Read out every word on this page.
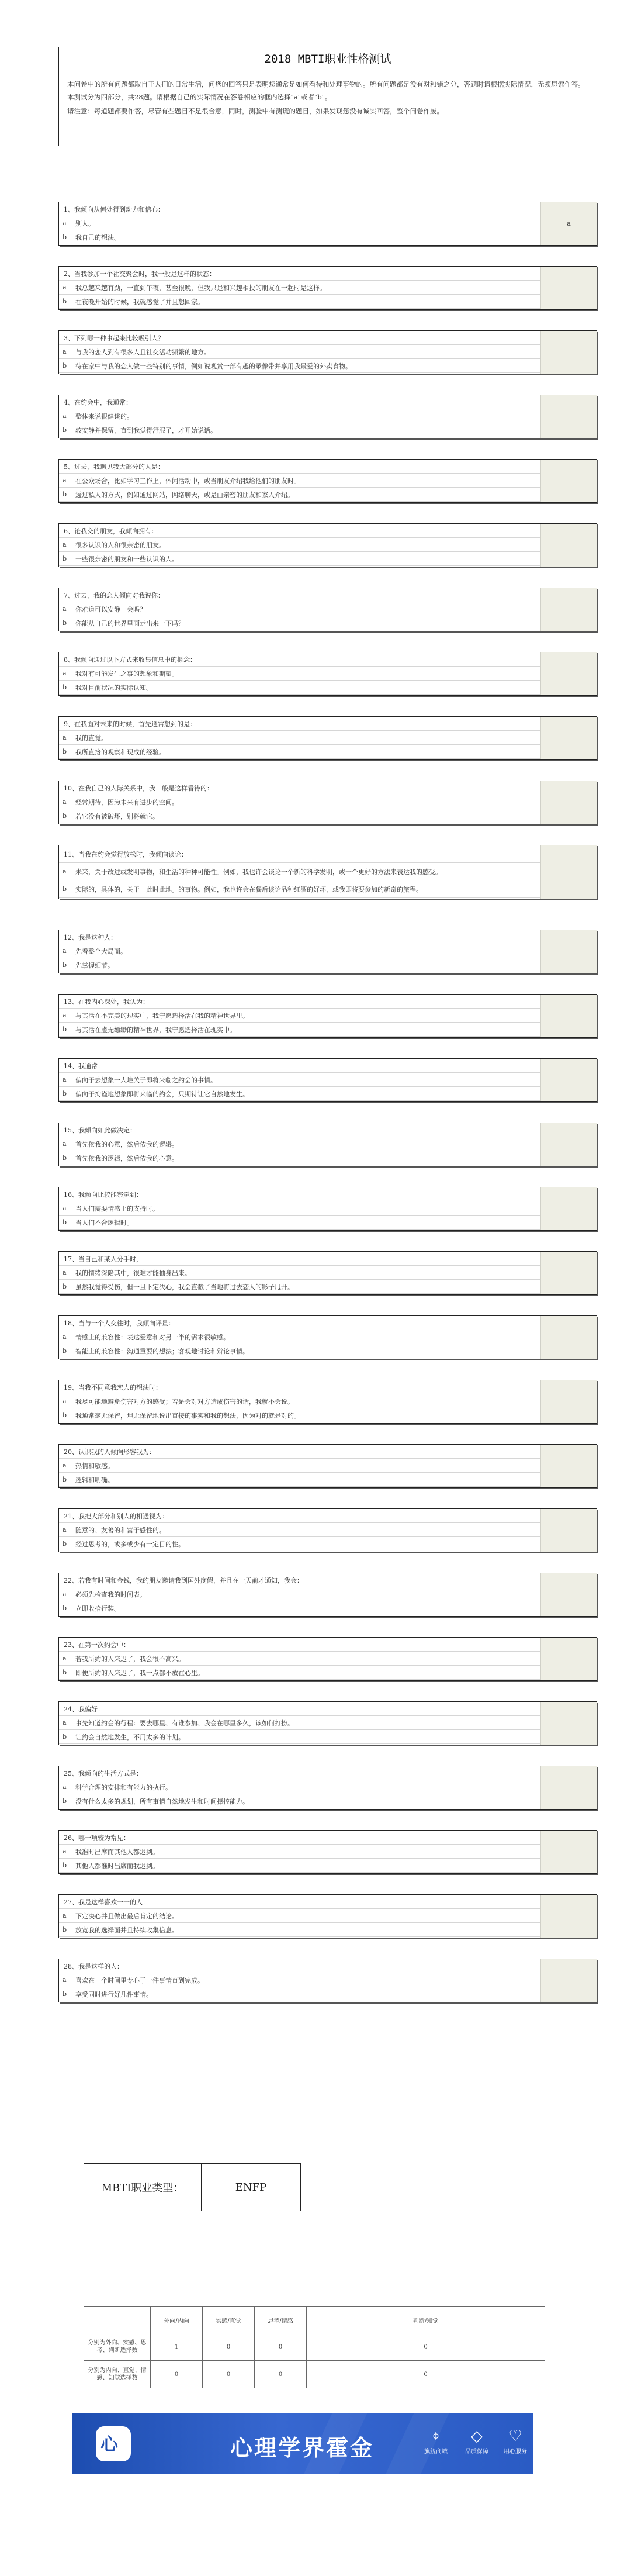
2018 MBTI职业性格测试

本问卷中的所有问题都取自于人们的日常生活，问您的回答只是表明您通常是如何看待和处理事物的。所有问题都是没有对和错之分，答题时请根据实际情况，无须思索作答。

本测试分为四部分，共28题。请根据自己的实际情况在答卷相应的框内选择"a"或者"b"。

请注意：每道题都要作答，尽管有些题目不是很合意，同时，测验中有测谎的题目，如果发现您没有诚实回答，整个问卷作废。

1、我倾向从何处得到动力和信心：
a	别人。
b	我自己的想法。
a
2、当我参加一个社交聚会时，我一般是这样的状态：
a	我总越来越有劲，一直到午夜，甚至很晚，但我只是和兴趣相投的朋友在一起时是这样。
b	在夜晚开始的时候，我就感觉了并且想回家。
3、下列哪一种事起来比较吸引人？
a	与我的恋人到有很多人且社交活动频繁的地方。
b	待在家中与我的恋人做一些特别的事情，例如说观赏一部有趣的录像带并享用我最爱的外卖食物。
4、在约会中，我通常：
a	整体来说很健谈的。
b	较安静并保留，直到我觉得舒服了，才开始说话。
5、过去，我遇见我大部分的人是：
a	在公众场合，比如学习工作上，体闲活动中，或当朋友介绍我给他们的朋友时。
b	透过私人的方式，例如通过网站，网络聊天，或是由亲密的朋友和家人介绍。
6、论我交的朋友，我倾向拥有：
a	很多认识的人和很亲密的朋友。
b	一些很亲密的朋友和一些认识的人。
7、过去，我的恋人倾向对我说你：
a	你难道可以安静一会吗？
b	你能从自己的世界里面走出来一下吗？
8、我倾向通过以下方式来收集信息中的概念：
a	我对有可能发生之事的想象和期望。
b	我对目前状况的实际认知。
9、在我面对未来的时候，首先通常想到的是：
a	我的直觉。
b	我所直接的观察和现成的经验。
10、在我自己的人际关系中，我一般是这样看待的：
a	经常期待，因为未来有进步的空间。
b	若它没有被破坏，别将就它。
11、当我在约会觉得放松时，我倾向谈论：
a	未来，关于改进或发明事物，和生活的种种可能性。例如，我也许会谈论一个新的科学发明，或一个更好的方法来表达我的感受。
b	实际的，具体的，关于「此时此地」的事物。例如，我也许会在餐后谈论品种红酒的好坏，或我即将要参加的新奇的旅程。
12、我是这种人：
a	先看整个大局面。
b	先掌握细节。
13、在我内心深处，我认为：
a	与其活在不完美的现实中，我宁愿选择活在我的精神世界里。
b	与其活在虚无缥缈的精神世界，我宁愿选择活在现实中。
14、我通常：
a	偏向于去想象一大堆关于即将来临之约会的事情。
b	偏向于拘谨地想象即将来临的约会，只期待让它自然地发生。
15、我倾向如此做决定：
a	首先依我的心意，然后依我的逻辑。
b	首先依我的逻辑，然后依我的心意。
16、我倾向比较能察觉到：
a	当人们需要情感上的支持时。
b	当人们不合逻辑时。
17、当自己和某人分手时，
a	我的情绪深陷其中，很难才能抽身出来。
b	虽然我觉得受伤，但一旦下定决心，我会直截了当地将过去恋人的影子甩开。
18、当与一个人交往时，我倾向评量：
a	情感上的兼容性：表达爱意和对另一半的需求很敏感。
b	智能上的兼容性：沟通重要的想法；客观地讨论和辩论事情。
19、当我不同意我恋人的想法时：
a	我尽可能地避免伤害对方的感受；若是会对对方造成伤害的话，我就不会说。
b	我通常毫无保留，坦无保留地说出直接的事实和我的想法，因为对的就是对的。
20、认识我的人倾向形容我为：
a	热情和敏感。
b	逻辑和明确。
21、我把大部分和别人的相遇视为：
a	随意的、友善的和富于感性的。
b	经过思考的，或多或少有一定目的性。
22、若我有时间和金钱，我的朋友邀请我到国外度假，并且在一天前才通知，我会：
a	必须先检查我的时间表。
b	立即收拾行装。
23、在第一次约会中：
a	若我所约的人来迟了，我会很不高兴。
b	即便所约的人来迟了，我一点都不放在心里。
24、我偏好：
a	事先知道约会的行程：要去哪里、有谁参加、我会在哪里多久，该如何打扮。
b	让约会自然地发生，不用太多的计划。
25、我倾向的生活方式是：
a	科学合理的安排和有能力的执行。
b	没有什么太多的规划，所有事情自然地发生和时间撑控能力。
26、哪一项较为常见：
a	我准时出席而其他人都迟到。
b	其他人都准时出席而我迟到。
27、我是这样喜欢一一的人：
a	下定决心并且做出最后肯定的结论。
b	放宽我的选择面并且持续收集信息。
28、我是这样的人：
a	喜欢在一个时间里专心于一件事情直到完成。
b	享受同时进行好几件事情。
MBTI职业类型：	ENFP
	外向/内向	实感/直觉	思考/情感	判断/知觉
分别为外向、实感、思考、判断选择数	1	0	0	0
分别为内向、直觉、情感、知觉选择数	0	0	0	0
心	心理学界霍金	⌖
旗舰商城
◇
品质保障
♡
用心服务
